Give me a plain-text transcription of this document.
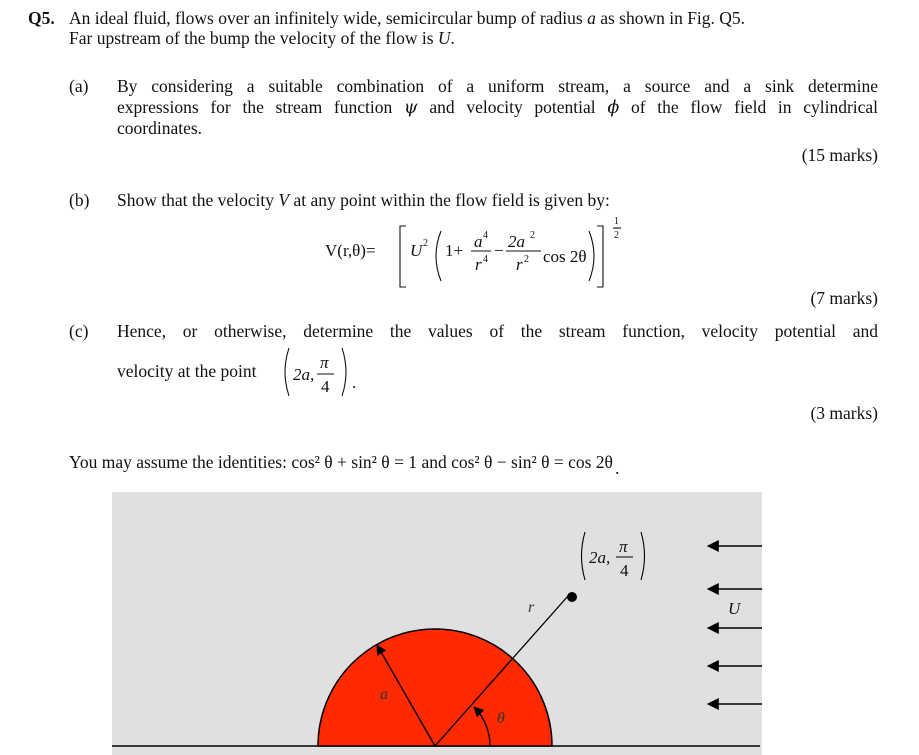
Q5. An ideal fluid, flows over an infinitely wide, semicircular bump of radius a as shown in Fig. Q5.
Far upstream of the bump the velocity of the flow is U.
(a) By considering a suitable combination of a uniform stream, a source and a sink determine
expressions for the stream function ψ and velocity potential ϕ of the flow field in cylindrical
coordinates.
(15 marks)
(b) Show that the velocity V at any point within the flow field is given by:
V(r,θ)= U 2 1+ a 4
r 4 − 2a 2
r 2 cos 2θ
1
2
(7 marks)
(c) Hence, or otherwise, determine the values of the stream function, velocity potential and
velocity at the point 2a,
π
4 .
(3 marks)
You may assume the identities: cos² θ + sin² θ = 1 and cos² θ − sin² θ = cos 2θ .
a
r
θ
2a,
π
4
U
